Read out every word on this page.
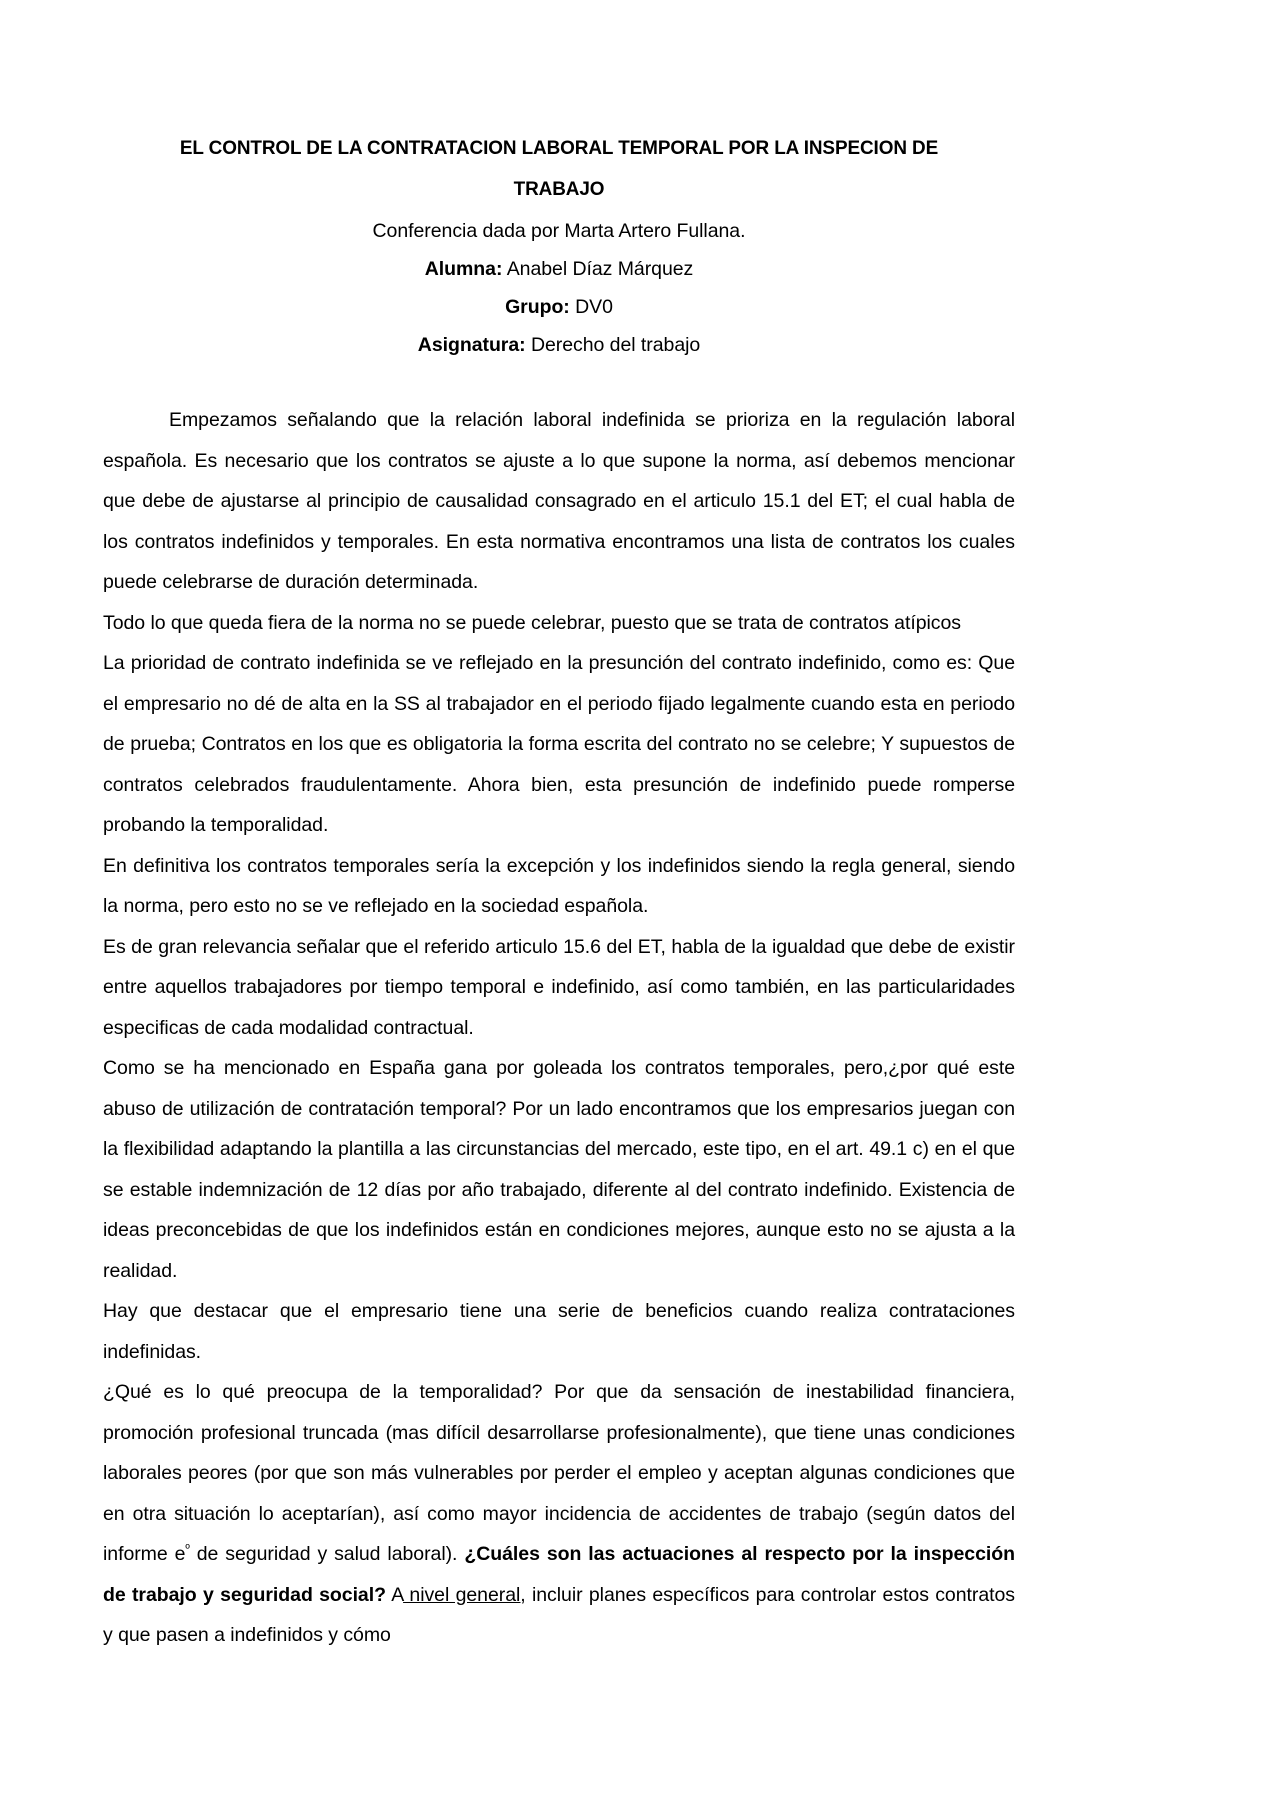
EL CONTROL DE LA CONTRATACION LABORAL TEMPORAL POR LA INSPECION DE TRABAJO

Conferencia dada por Marta Artero Fullana.

Alumna: Anabel Díaz Márquez

Grupo: DV0

Asignatura: Derecho del trabajo

Empezamos señalando que la relación laboral indefinida se prioriza en la regulación laboral española. Es necesario que los contratos se ajuste a lo que supone la norma, así debemos mencionar que debe de ajustarse al principio de causalidad consagrado en el articulo 15.1 del ET; el cual habla de los contratos indefinidos y temporales. En esta normativa encontramos una lista de contratos los cuales puede celebrarse de duración determinada.

Todo lo que queda fiera de la norma no se puede celebrar, puesto que se trata de contratos atípicos

La prioridad de contrato indefinida se ve reflejado en la presunción del contrato indefinido, como es: Que el empresario no dé de alta en la SS al trabajador en el periodo fijado legalmente cuando esta en periodo de prueba; Contratos en los que es obligatoria la forma escrita del contrato no se celebre; Y supuestos de contratos celebrados fraudulentamente. Ahora bien, esta presunción de indefinido puede romperse probando la temporalidad.

En definitiva los contratos temporales sería la excepción y los indefinidos siendo la regla general, siendo la norma, pero esto no se ve reflejado en la sociedad española.

Es de gran relevancia señalar que el referido articulo 15.6 del ET, habla de la igualdad que debe de existir entre aquellos trabajadores por tiempo temporal e indefinido, así como también, en las particularidades especificas de cada modalidad contractual.

Como se ha mencionado en España gana por goleada los contratos temporales, pero,¿por qué este abuso de utilización de contratación temporal? Por un lado encontramos que los empresarios juegan con la flexibilidad adaptando la plantilla a las circunstancias del mercado, este tipo, en el art. 49.1 c) en el que se estable indemnización de 12 días por año trabajado, diferente al del contrato indefinido. Existencia de ideas preconcebidas de que los indefinidos están en condiciones mejores, aunque esto no se ajusta a la realidad.

Hay que destacar que el empresario tiene una serie de beneficios cuando realiza contrataciones indefinidas.

¿Qué es lo qué preocupa de la temporalidad? Por que da sensación de inestabilidad financiera, promoción profesional truncada (mas difícil desarrollarse profesionalmente), que tiene unas condiciones laborales peores (por que son más vulnerables por perder el empleo y aceptan algunas condiciones que en otra situación lo aceptarían), así como mayor incidencia de accidentes de trabajo (según datos del informe $e^º$ de seguridad y salud laboral). ¿Cuáles son las actuaciones al respecto por la inspección de trabajo y seguridad social? A nivel general, incluir planes específicos para controlar estos contratos y que pasen a indefinidos y cómo
